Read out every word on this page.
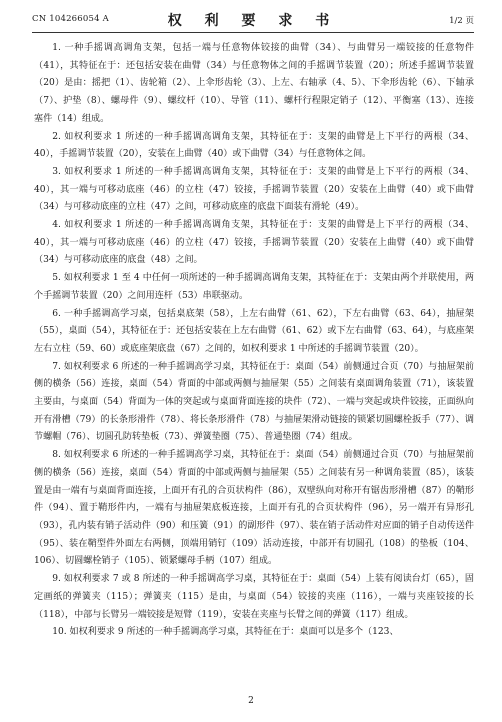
CN 104266054 A	权 利 要 求 书	1/2 页

1. 一种手摇调高调角支架，包括一端与任意物体铰接的曲臂（34）、与曲臂另一端铰接的任意物件（41），其特征在于：还包括安装在曲臂（34）与任意物体之间的手摇调节装置（20）；所述手摇调节装置（20）是由：摇把（1）、齿轮箱（2）、上伞形齿轮（3）、上左、右轴承（4、5）、下伞形齿轮（6）、下轴承（7）、护垫（8）、螺母件（9）、螺纹杆（10）、导管（11）、螺杆行程限定销子（12）、平衡塞（13）、连接塞件（14）组成。

2. 如权利要求 1 所述的一种手摇调高调角支架，其特征在于：支架的曲臂是上下平行的两根（34、40），手摇调节装置（20），安装在上曲臂（40）或下曲臂（34）与任意物体之间。

3. 如权利要求 1 所述的一种手摇调高调角支架，其特征在于：支架的曲臂是上下平行的两根（34、40），其一端与可移动底座（46）的立柱（47）铰接，手摇调节装置（20）安装在上曲臂（40）或下曲臂（34）与可移动底座的立柱（47）之间，可移动底座的底盘下面装有滑轮（49）。

4. 如权利要求 1 所述的一种手摇调高调角支架，其特征在于：支架的曲臂是上下平行的两根（34、40），其一端与可移动底座（46）的立柱（47）铰接，手摇调节装置（20）安装在上曲臂（40）或下曲臂（34）与可移动底座的底盘（48）之间。

5. 如权利要求 1 至 4 中任何一项所述的一种手摇调高调角支架，其特征在于：支架由两个并联使用，两个手摇调节装置（20）之间用连杆（53）串联驱动。

6. 一种手摇调高学习桌，包括桌底架（58），上左右曲臂（61、62），下左右曲臂（63、64），抽屉架（55），桌面（54），其特征在于：还包括安装在上左右曲臂（61、62）或下左右曲臂（63、64），与底座架左右立柱（59、60）或底座架底盘（67）之间的，如权利要求 1 中所述的手摇调节装置（20）。

7. 如权利要求 6 所述的一种手摇调高学习桌，其特征在于：桌面（54）前侧通过合页（70）与抽屉架前侧的横条（56）连接，桌面（54）背面的中部或两侧与抽屉架（55）之间装有桌面调角装置（71），该装置主要由，与桌面（54）背面为一体的突起或与桌面背面连接的块件（72）、一端与突起或块件铰接，正面纵向开有滑槽（79）的长条形滑件（78）、将长条形滑件（78）与抽屉架滑动链接的锁紧切圆螺栓扳手（77）、调节螺帽（76）、切圆孔防转垫板（73）、弹簧垫圈（75）、普通垫圈（74）组成。

8. 如权利要求 6 所述的一种手摇调高学习桌，其特征在于：桌面（54）前侧通过合页（70）与抽屉架前侧的横条（56）连接，桌面（54）背面的中部或两侧与抽屉架（55）之间装有另一种调角装置（85），该装置是由一端有与桌面背面连接，上面开有孔的合页状构件（86），双壁纵向对称开有锯齿形滑槽（87）的鞘形件（94）、置于鞘形件内，一端有与抽屉架底板连接，上面开有孔的合页状构件（96），另一端开有异形孔（93），孔内装有销子活动件（90）和压簧（91）的副形件（97）、装在销子活动件对应面的销子自动传送件（95）、装在鞘型件外面左右两侧，顶端用销钉（109）活动连接，中部开有切圆孔（108）的垫板（104、106）、切圆螺栓销子（105）、锁紧螺母手柄（107）组成。

9. 如权利要求 7 或 8 所述的一种手摇调高学习桌，其特征在于：桌面（54）上装有阅读台灯（65），固定画纸的弹簧夹（115）；弹簧夹（115）是由，与桌面（54）铰接的夹座（116），一端与夹座铰接的长（118），中部与长臂另一端铰接是短臂（119），安装在夹座与长臂之间的弹簧（117）组成。

10. 如权利要求 9 所述的一种手摇调高学习桌，其特征在于：桌面可以是多个（123、

2
